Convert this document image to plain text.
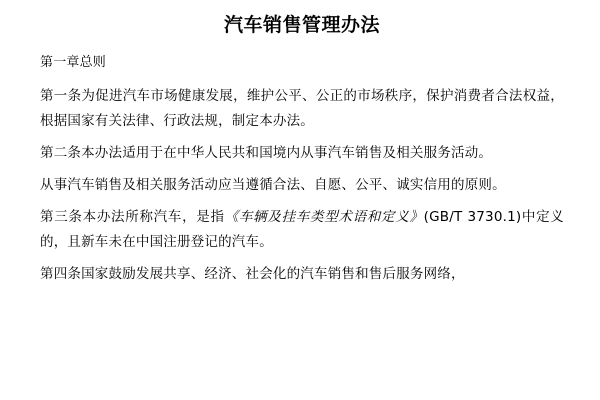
汽车销售管理办法
第一章总则

第一条为促进汽车市场健康发展，维护公平、公正的市场秩序，保护消费者合法权益，根据国家有关法律、行政法规，制定本办法。

第二条本办法适用于在中华人民共和国境内从事汽车销售及相关服务活动。

从事汽车销售及相关服务活动应当遵循合法、自愿、公平、诚实信用的原则。

第三条本办法所称汽车，是指《车辆及挂车类型术语和定义》(GB/T 3730.1)中定义的，且新车未在中国注册登记的汽车。

第四条国家鼓励发展共享、经济、社会化的汽车销售和售后服务网络，
